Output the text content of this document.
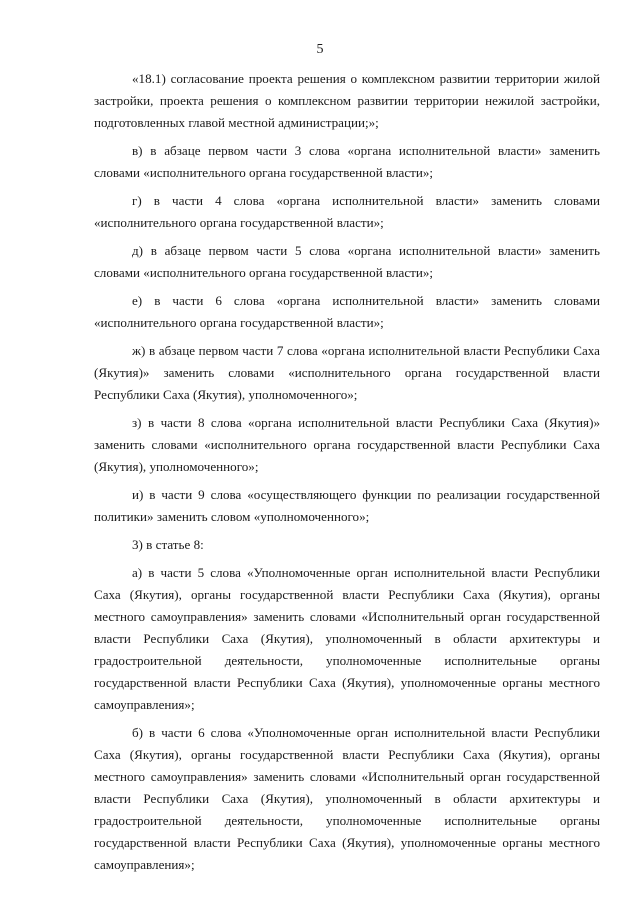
5

«18.1) согласование проекта решения о комплексном развитии территории жилой застройки, проекта решения о комплексном развитии территории нежилой застройки, подготовленных главой местной администрации;»;

в) в абзаце первом части 3 слова «органа исполнительной власти» заменить словами «исполнительного органа государственной власти»;

г) в части 4 слова «органа исполнительной власти» заменить словами «исполнительного органа государственной власти»;

д) в абзаце первом части 5 слова «органа исполнительной власти» заменить словами «исполнительного органа государственной власти»;

е) в части 6 слова «органа исполнительной власти» заменить словами «исполнительного органа государственной власти»;

ж) в абзаце первом части 7 слова «органа исполнительной власти Республики Саха (Якутия)» заменить словами «исполнительного органа государственной власти Республики Саха (Якутия), уполномоченного»;

з) в части 8 слова «органа исполнительной власти Республики Саха (Якутия)» заменить словами «исполнительного органа государственной власти Республики Саха (Якутия), уполномоченного»;

и) в части 9 слова «осуществляющего функции по реализации государственной политики» заменить словом «уполномоченного»;

3) в статье 8:

а) в части 5 слова «Уполномоченные орган исполнительной власти Республики Саха (Якутия), органы государственной власти Республики Саха (Якутия), органы местного самоуправления» заменить словами «Исполнительный орган государственной власти Республики Саха (Якутия), уполномоченный в области архитектуры и градостроительной деятельности, уполномоченные исполнительные органы государственной власти Республики Саха (Якутия), уполномоченные органы местного самоуправления»;

б) в части 6 слова «Уполномоченные орган исполнительной власти Республики Саха (Якутия), органы государственной власти Республики Саха (Якутия), органы местного самоуправления» заменить словами «Исполнительный орган государственной власти Республики Саха (Якутия), уполномоченный в области архитектуры и градостроительной деятельности, уполномоченные исполнительные органы государственной власти Республики Саха (Якутия), уполномоченные органы местного самоуправления»;
